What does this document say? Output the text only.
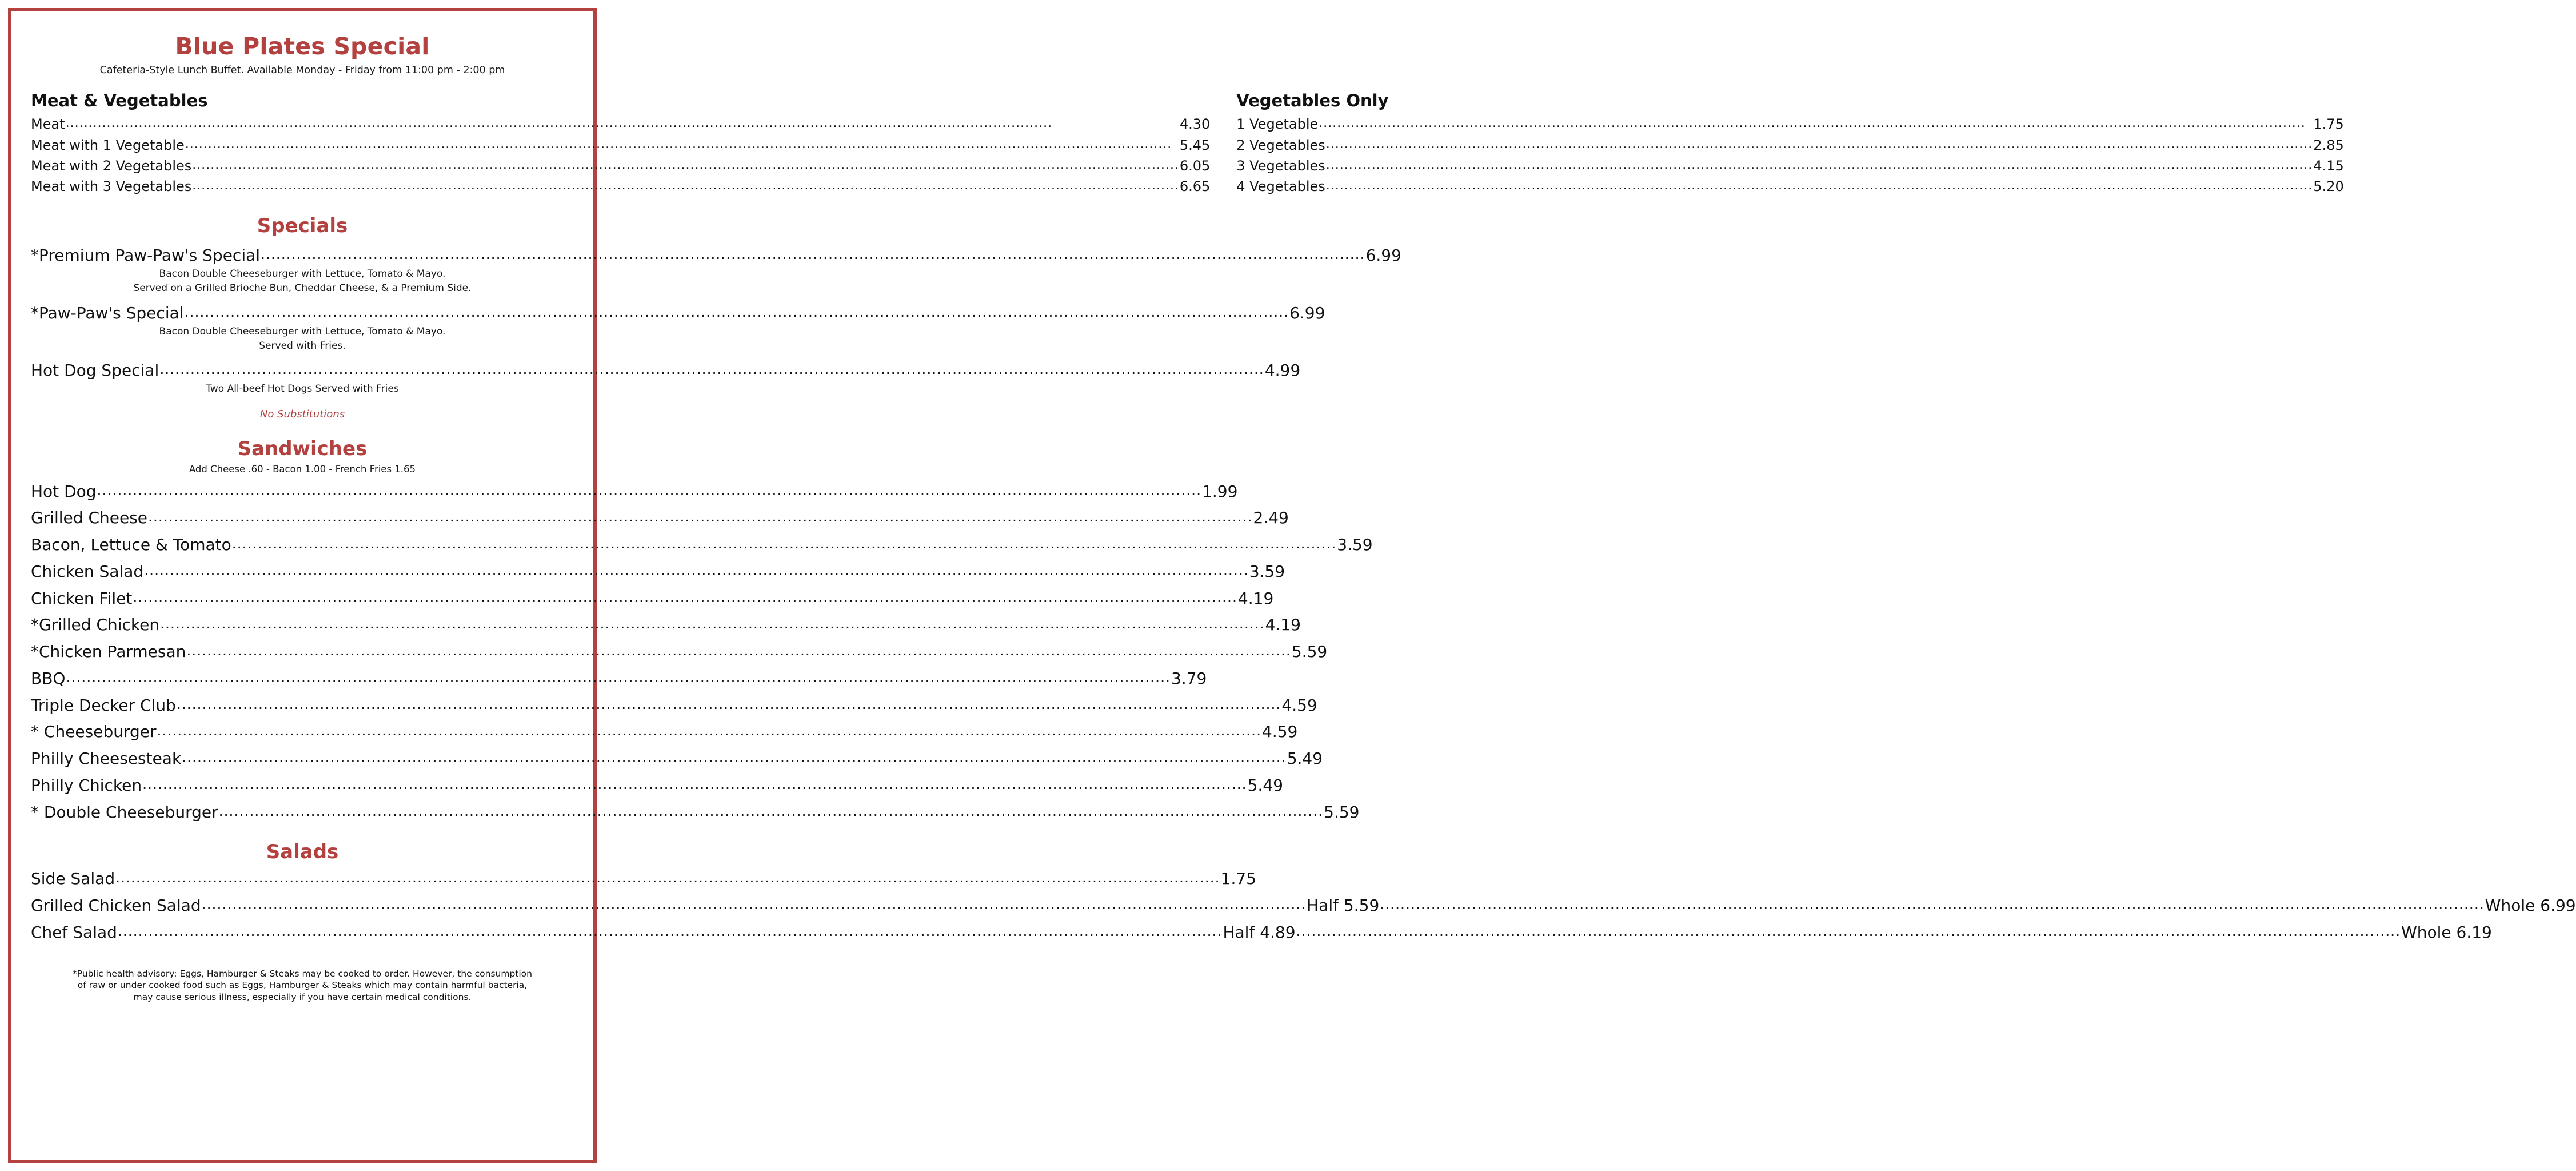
Blue Plates Special
Cafeteria-Style Lunch Buffet. Available Monday - Friday from 11:00 pm - 2:00 pm
Meat & Vegetables
Meat .....	4.30
Meat with 1 Vegetable .....	5.45
Meat with 2 Vegetables .....	6.05
Meat with 3 Vegetables .....	6.65
Vegetables Only
1 Vegetable .....	1.75
2 Vegetables .....	2.85
3 Vegetables .....	4.15
4 Vegetables .....	5.20
Specials
*Premium Paw-Paw's Special .....	6.99
Bacon Double Cheeseburger with Lettuce, Tomato & Mayo.
Served on a Grilled Brioche Bun, Cheddar Cheese, & a Premium Side.
*Paw-Paw's Special .....	6.99
Bacon Double Cheeseburger with Lettuce, Tomato & Mayo.
Served with Fries.
Hot Dog Special .....	4.99
Two All-beef Hot Dogs Served with Fries
No Substitutions
Sandwiches
Add Cheese .60 - Bacon 1.00 - French Fries 1.65
Hot Dog .....	1.99
Grilled Cheese .....	2.49
Bacon, Lettuce & Tomato .....	3.59
Chicken Salad .....	3.59
Chicken Filet .....	4.19
*Grilled Chicken .....	4.19
*Chicken Parmesan .....	5.59
BBQ .....	3.79
Triple Decker Club .....	4.59
* Cheeseburger .....	4.59
Philly Cheesesteak .....	5.49
Philly Chicken .....	5.49
* Double Cheeseburger .....	5.59
Salads
Side Salad .....	1.75
Grilled Chicken Salad .....	Half 5.59 .....	Whole 6.99
Chef Salad .....	Half 4.89 .....	Whole 6.19
*Public health advisory: Eggs, Hamburger & Steaks may be cooked to order. However, the consumption
of raw or under cooked food such as Eggs, Hamburger & Steaks which may contain harmful bacteria,
may cause serious illness, especially if you have certain medical conditions.
